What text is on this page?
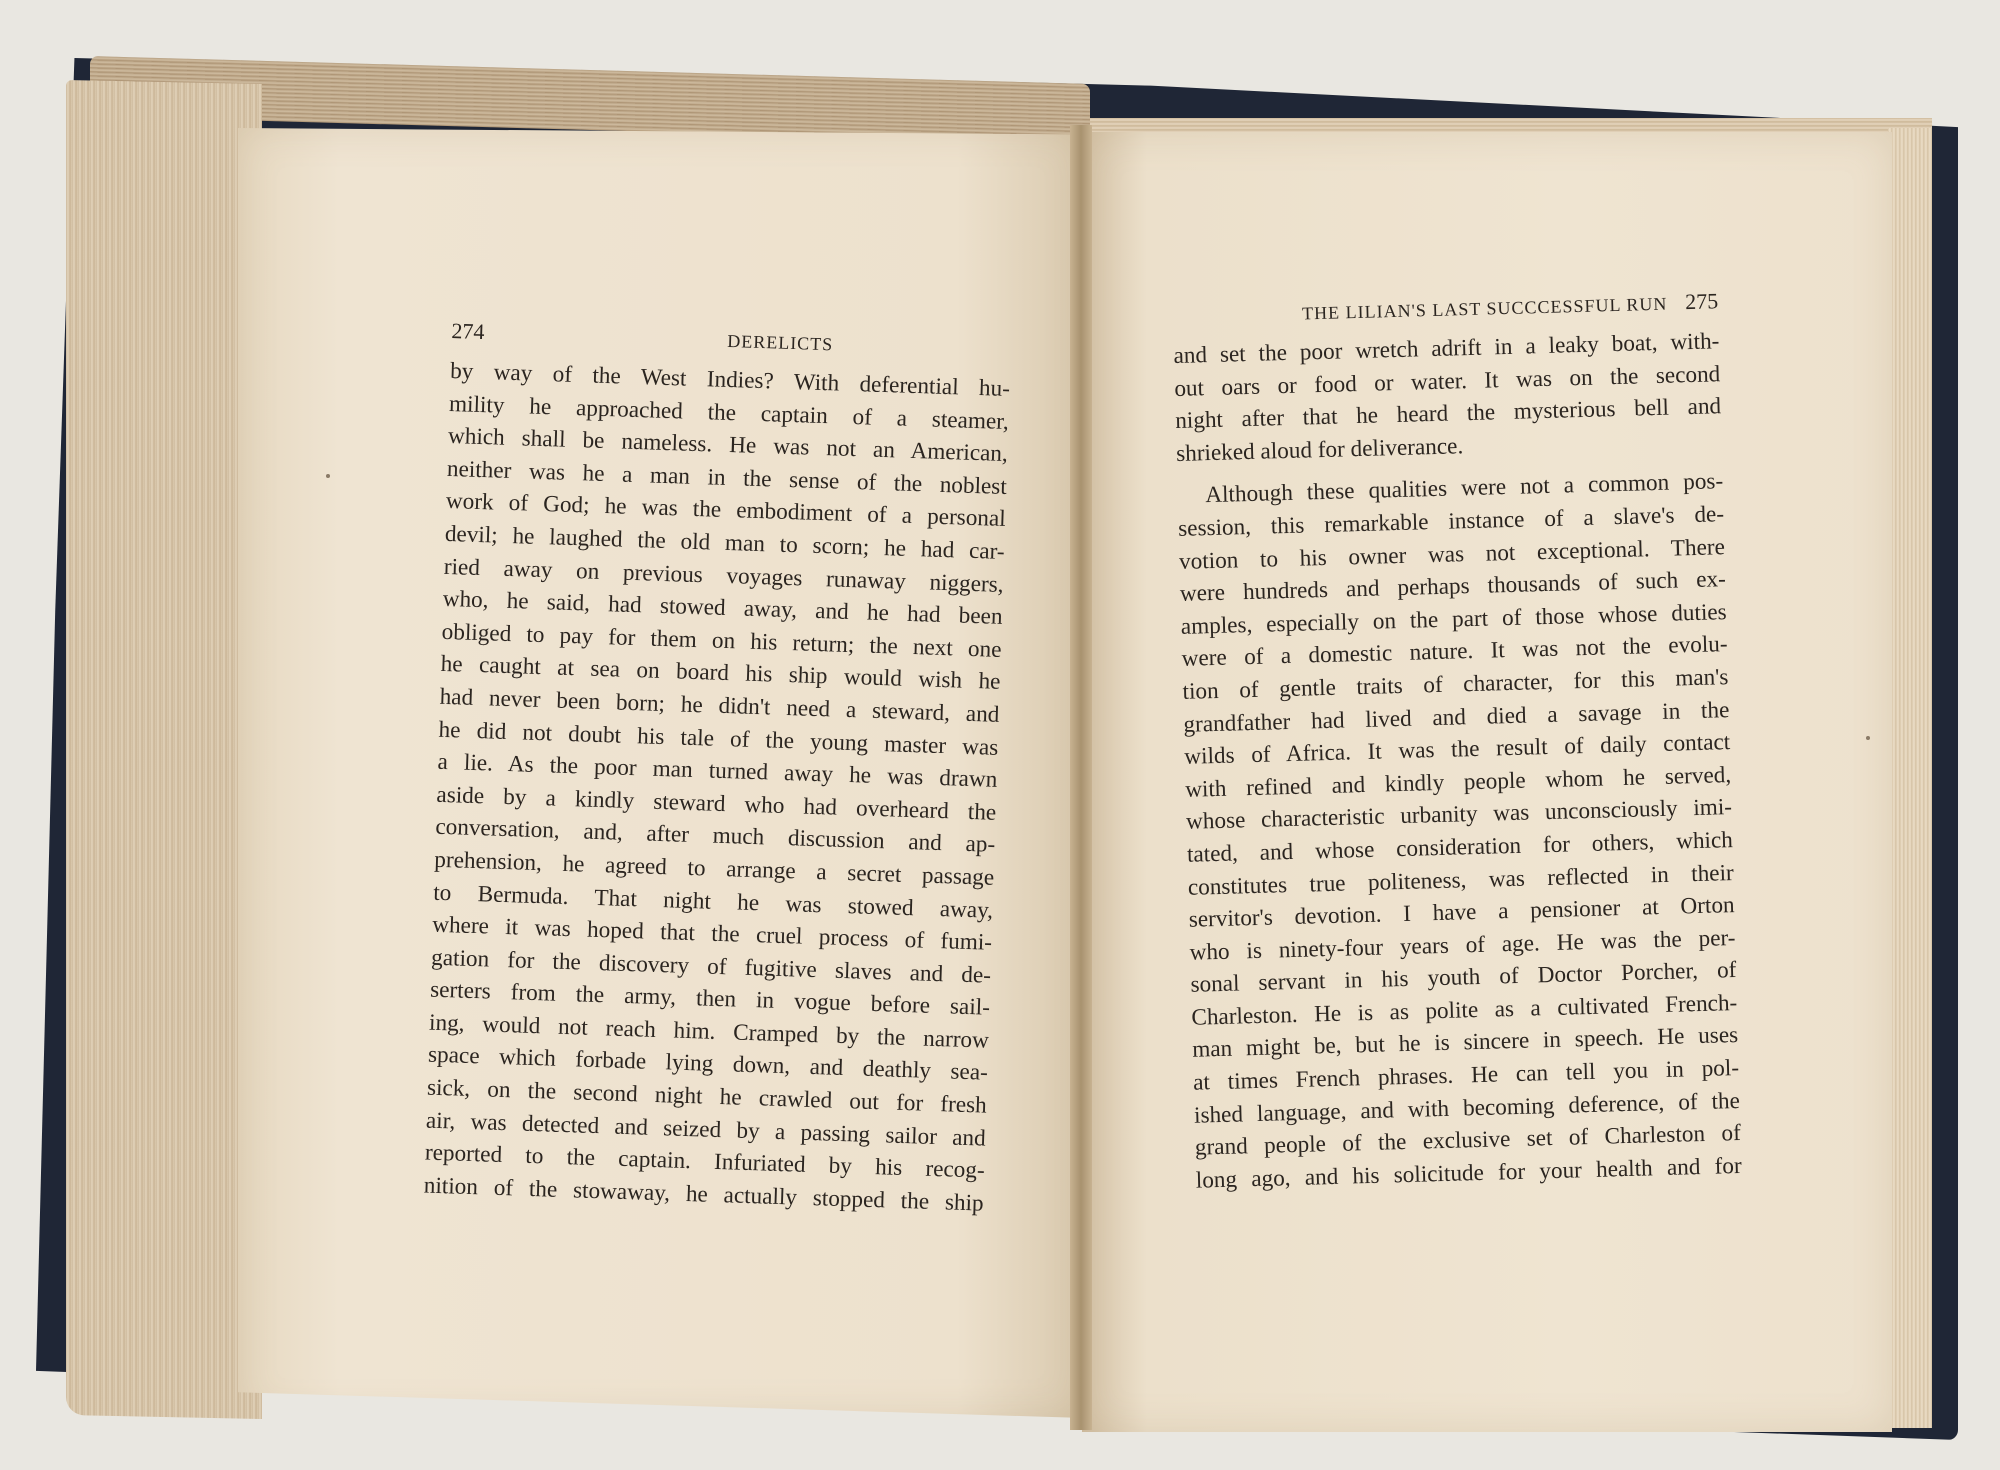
274	DERELICTS
by way of the West Indies? With deferential hu-
mility he approached the captain of a steamer,
which shall be nameless. He was not an American,
neither was he a man in the sense of the noblest
work of God; he was the embodiment of a personal
devil; he laughed the old man to scorn; he had car-
ried away on previous voyages runaway niggers,
who, he said, had stowed away, and he had been
obliged to pay for them on his return; the next one
he caught at sea on board his ship would wish he
had never been born; he didn't need a steward, and
he did not doubt his tale of the young master was
a lie. As the poor man turned away he was drawn
aside by a kindly steward who had overheard the
conversation, and, after much discussion and ap-
prehension, he agreed to arrange a secret passage
to Bermuda. That night he was stowed away,
where it was hoped that the cruel process of fumi-
gation for the discovery of fugitive slaves and de-
serters from the army, then in vogue before sail-
ing, would not reach him. Cramped by the narrow
space which forbade lying down, and deathly sea-
sick, on the second night he crawled out for fresh
air, was detected and seized by a passing sailor and
reported to the captain. Infuriated by his recog-
nition of the stowaway, he actually stopped the ship
THE LILIAN'S LAST SUCCCESSFUL RUN 275
and set the poor wretch adrift in a leaky boat, with-
out oars or food or water. It was on the second
night after that he heard the mysterious bell and
shrieked aloud for deliverance.
Although these qualities were not a common pos-
session, this remarkable instance of a slave's de-
votion to his owner was not exceptional. There
were hundreds and perhaps thousands of such ex-
amples, especially on the part of those whose duties
were of a domestic nature. It was not the evolu-
tion of gentle traits of character, for this man's
grandfather had lived and died a savage in the
wilds of Africa. It was the result of daily contact
with refined and kindly people whom he served,
whose characteristic urbanity was unconsciously imi-
tated, and whose consideration for others, which
constitutes true politeness, was reflected in their
servitor's devotion. I have a pensioner at Orton
who is ninety-four years of age. He was the per-
sonal servant in his youth of Doctor Porcher, of
Charleston. He is as polite as a cultivated French-
man might be, but he is sincere in speech. He uses
at times French phrases. He can tell you in pol-
ished language, and with becoming deference, of the
grand people of the exclusive set of Charleston of
long ago, and his solicitude for your health and for
